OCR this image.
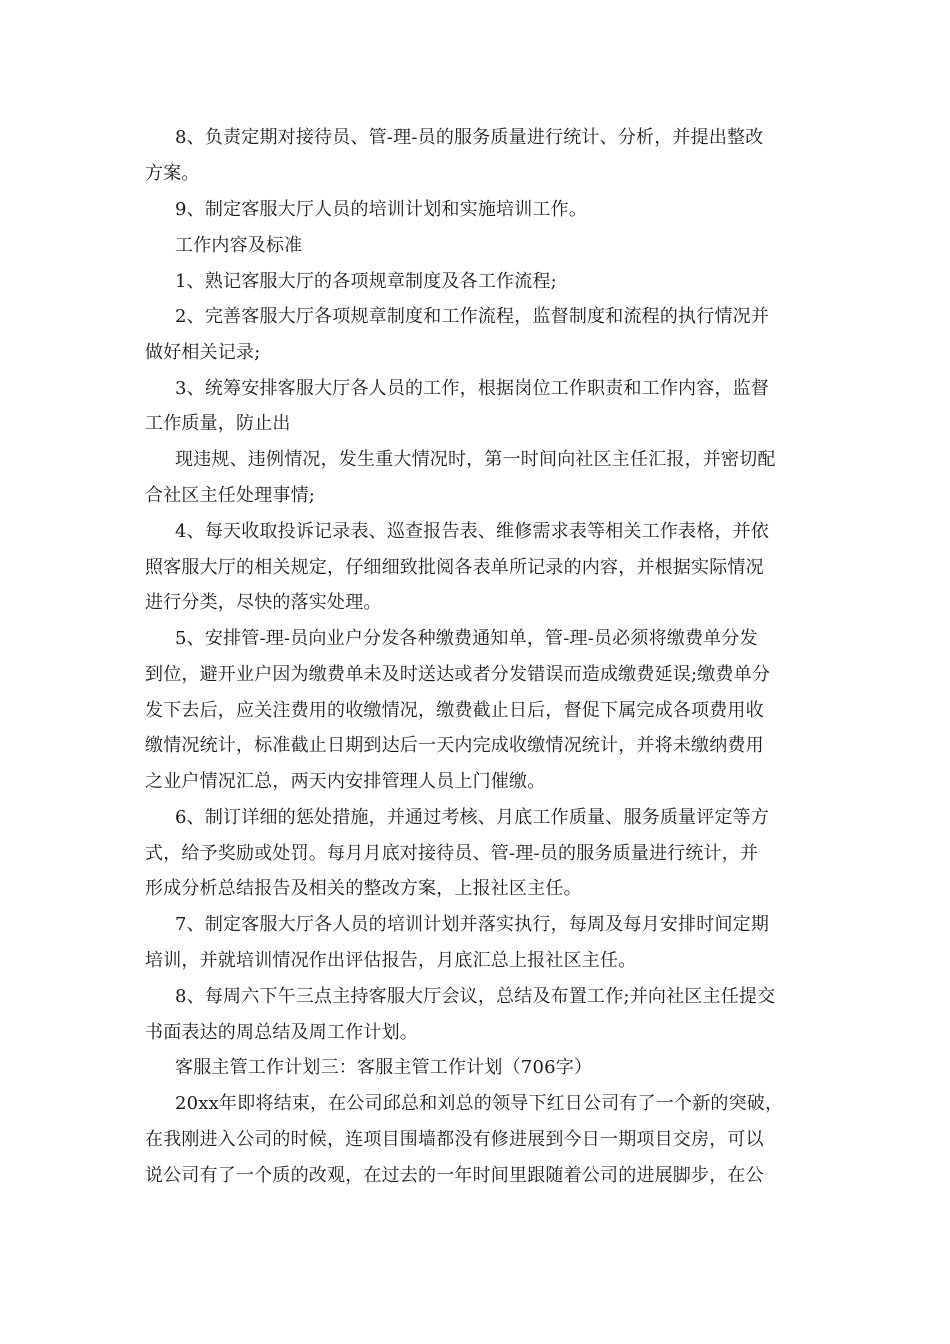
8、负责定期对接待员、管-理-员的服务质量进行统计、分析，并提出整改
方案。
9、制定客服大厅人员的培训计划和实施培训工作。
工作内容及标准
1、熟记客服大厅的各项规章制度及各工作流程;
2、完善客服大厅各项规章制度和工作流程，监督制度和流程的执行情况并
做好相关记录;
3、统筹安排客服大厅各人员的工作，根据岗位工作职责和工作内容，监督
工作质量，防止出
现违规、违例情况，发生重大情况时，第一时间向社区主任汇报，并密切配
合社区主任处理事情;
4、每天收取投诉记录表、巡查报告表、维修需求表等相关工作表格，并依
照客服大厅的相关规定，仔细细致批阅各表单所记录的内容，并根据实际情况
进行分类，尽快的落实处理。
5、安排管-理-员向业户分发各种缴费通知单，管-理-员必须将缴费单分发
到位，避开业户因为缴费单未及时送达或者分发错误而造成缴费延误;缴费单分
发下去后，应关注费用的收缴情况，缴费截止日后，督促下属完成各项费用收
缴情况统计，标准截止日期到达后一天内完成收缴情况统计，并将未缴纳费用
之业户情况汇总，两天内安排管理人员上门催缴。
6、制订详细的惩处措施，并通过考核、月底工作质量、服务质量评定等方
式，给予奖励或处罚。每月月底对接待员、管-理-员的服务质量进行统计，并
形成分析总结报告及相关的整改方案，上报社区主任。
7、制定客服大厅各人员的培训计划并落实执行，每周及每月安排时间定期
培训，并就培训情况作出评估报告，月底汇总上报社区主任。
8、每周六下午三点主持客服大厅会议，总结及布置工作;并向社区主任提交
书面表达的周总结及周工作计划。
客服主管工作计划三：客服主管工作计划（706字）
20xx年即将结束，在公司邱总和刘总的领导下红日公司有了一个新的突破，
在我刚进入公司的时候，连项目围墙都没有修进展到今日一期项目交房，可以
说公司有了一个质的改观，在过去的一年时间里跟随着公司的进展脚步，在公
